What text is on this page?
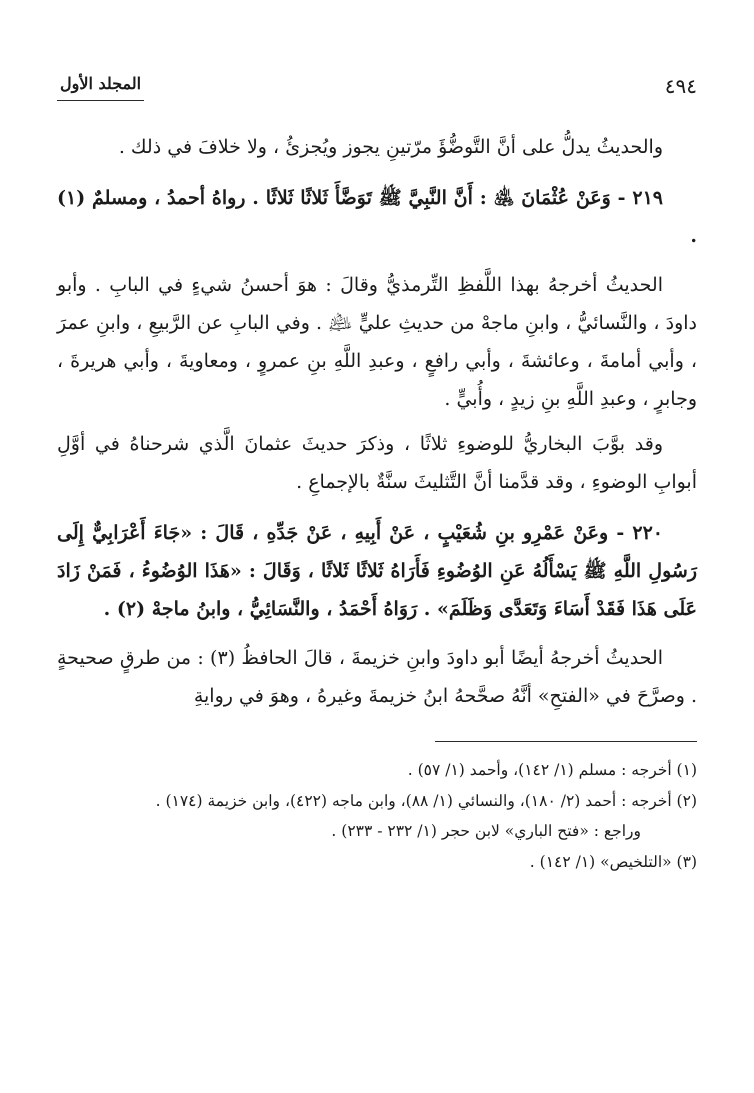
المجلد الأول	٤٩٤

والحديثُ يدلُّ على أنَّ التَّوضُّؤَ مرّتينِ يجوز ويُجزئُ ، ولا خلافَ في ذلك .

٢١٩ - وَعَنْ عُثْمَانَ ﵁ : أَنَّ النَّبِيَّ ﷺ تَوَضَّأَ ثَلاثًا ثَلاثًا . رواهُ أحمدُ ، ومسلمٌ (١) .

الحديثُ أخرجهُ بهذا اللَّفظِ التِّرمذيُّ وقالَ : هوَ أحسنُ شيءٍ في البابِ . وأبو داودَ ، والنَّسائيُّ ، وابنِ ماجهْ من حديثِ عليٍّ ﵇ . وفي البابِ عن الرَّبيعِ ، وابنِ عمرَ ، وأبي أمامةَ ، وعائشةَ ، وأبي رافعٍ ، وعبدِ اللَّهِ بنِ عمروٍ ، ومعاويةَ ، وأبي هريرةَ ، وجابرٍ ، وعبدِ اللَّهِ بنِ زيدٍ ، وأُبيٍّ .

وقد بوَّبَ البخاريُّ للوضوءِ ثلاثًا ، وذكرَ حديثَ عثمانَ الَّذي شرحناهُ في أوَّلِ أبوابِ الوضوءِ ، وقد قدَّمنا أنَّ التَّثليثَ سنَّةٌ بالإجماعِ .

٢٢٠ - وعَنْ عَمْرِو بنِ شُعَيْبٍ ، عَنْ أَبِيهِ ، عَنْ جَدِّهِ ، قَالَ : «جَاءَ أَعْرَابِيٌّ إِلَى رَسُولِ اللَّهِ ﷺ يَسْأَلُهُ عَنِ الوُضُوءِ فَأَرَاهُ ثَلاثًا ثَلاثًا ، وَقَالَ : «هَذَا الوُضُوءُ ، فَمَنْ زَادَ عَلَى هَذَا فَقَدْ أَسَاءَ وَتَعَدَّى وَظَلَمَ» . رَوَاهُ أَحْمَدُ ، والنَّسَائِيُّ ، وابنُ ماجهْ (٢) .

الحديثُ أخرجهُ أيضًا أبو داودَ وابنِ خزيمةَ ، قالَ الحافظُ (٣) : من طرقٍ صحيحةٍ . وصرَّحَ في «الفتحِ» أنَّهُ صحَّحهُ ابنُ خزيمةَ وغيرهُ ، وهوَ في روايةِ

(١) أخرجه : مسلم (١/ ١٤٢)، وأحمد (١/ ٥٧) .

(٢) أخرجه : أحمد (٢/ ١٨٠)، والنسائي (١/ ٨٨)، وابن ماجه (٤٢٢)، وابن خزيمة (١٧٤) .

وراجع : «فتح الباري» لابن حجر (١/ ٢٣٢ - ٢٣٣) .

(٣) «التلخيص» (١/ ١٤٢) .
